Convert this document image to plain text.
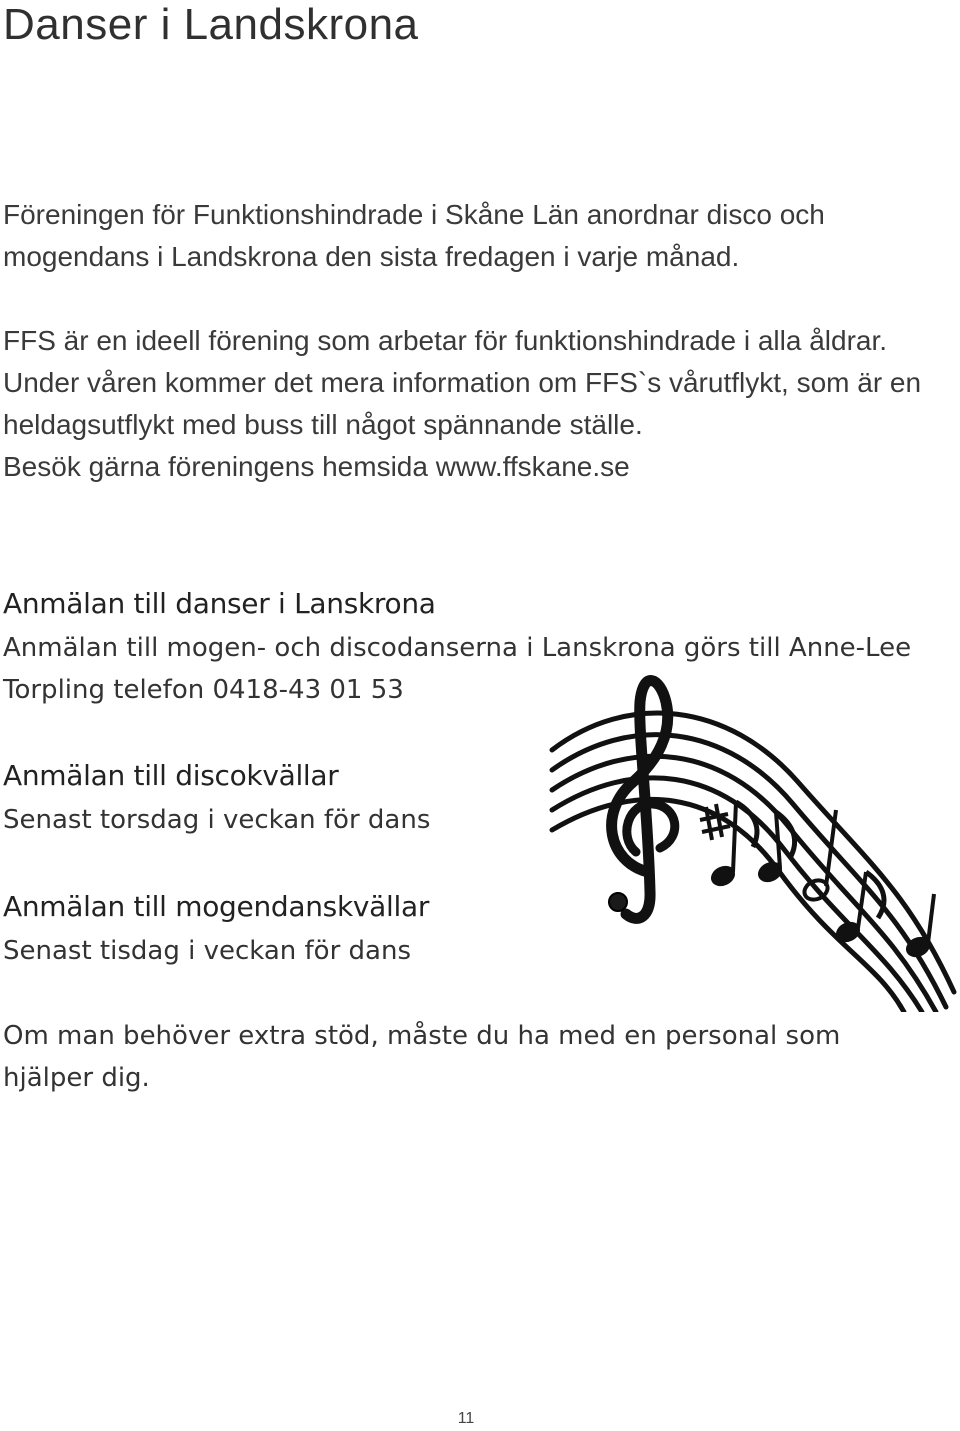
Danser i Landskrona

Föreningen för Funktionshindrade i Skåne Län anordnar disco och mogendans i Landskrona den sista fredagen i varje månad.

FFS är en ideell förening som arbetar för funktionshindrade i alla åldrar.

Under våren kommer det mera information om FFS`s vårutflykt, som är en heldagsutflykt med buss till något spännande ställe.

Besök gärna föreningens hemsida www.ffskane.se

Anmälan till danser i Lanskrona

Anmälan till mogen- och discodanserna i Lanskrona görs till Anne-Lee Torpling telefon 0418-43 01 53

Anmälan till discokvällar

Senast torsdag i veckan för dans

Anmälan till mogendanskvällar

Senast tisdag i veckan för dans

Om man behöver extra stöd, måste du ha med en personal som hjälper dig.

11
